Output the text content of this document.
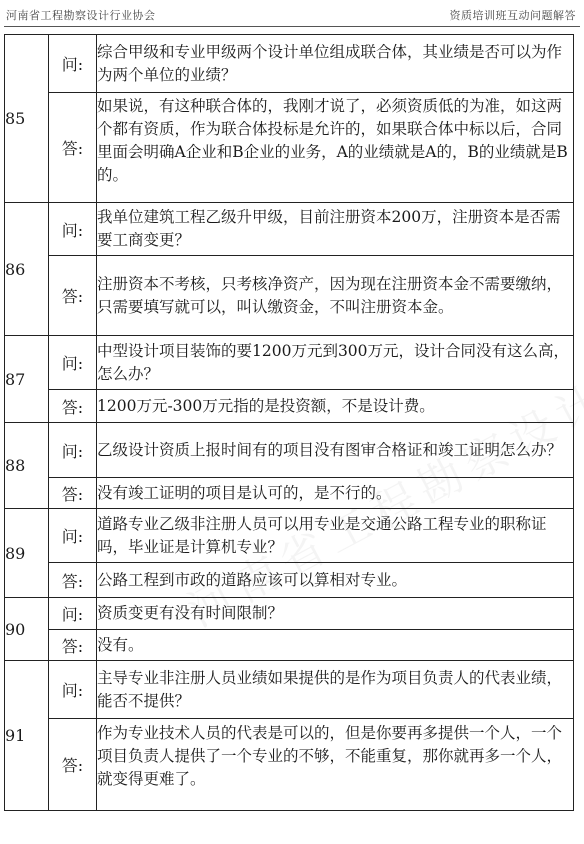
河南省工程勘察设计行业协会	资质培训班互动问题解答
85	问:	综合甲级和专业甲级两个设计单位组成联合体，其业绩是否可以为作为两个单位的业绩？
	答:	如果说，有这种联合体的，我刚才说了，必须资质低的为准，如这两个都有资质，作为联合体投标是允许的，如果联合体中标以后，合同里面会明确A企业和B企业的业务，A的业绩就是A的，B的业绩就是B的。

86	问:	我单位建筑工程乙级升甲级，目前注册资本200万，注册资本是否需要工商变更？
	答:	注册资本不考核，只考核净资产，因为现在注册资本金不需要缴纳，只需要填写就可以，叫认缴资金，不叫注册资本金。
87	问:	中型设计项目装饰的要1200万元到300万元，设计合同没有这么高，怎么办？
	答:	1200万元-300万元指的是投资额，不是设计费。
88	问:	乙级设计资质上报时间有的项目没有图审合格证和竣工证明怎么办？
	答:	没有竣工证明的项目是认可的，是不行的。
89	问:	道路专业乙级非注册人员可以用专业是交通公路工程专业的职称证吗，毕业证是计算机专业？
	答:	公路工程到市政的道路应该可以算相对专业。
90	问:	资质变更有没有时间限制？
	答:	没有。
91	问:	主导专业非注册人员业绩如果提供的是作为项目负责人的代表业绩，能否不提供？
	答:	作为专业技术人员的代表是可以的，但是你要再多提供一个人，一个项目负责人提供了一个专业的不够，不能重复，那你就再多一个人，就变得更难了。
